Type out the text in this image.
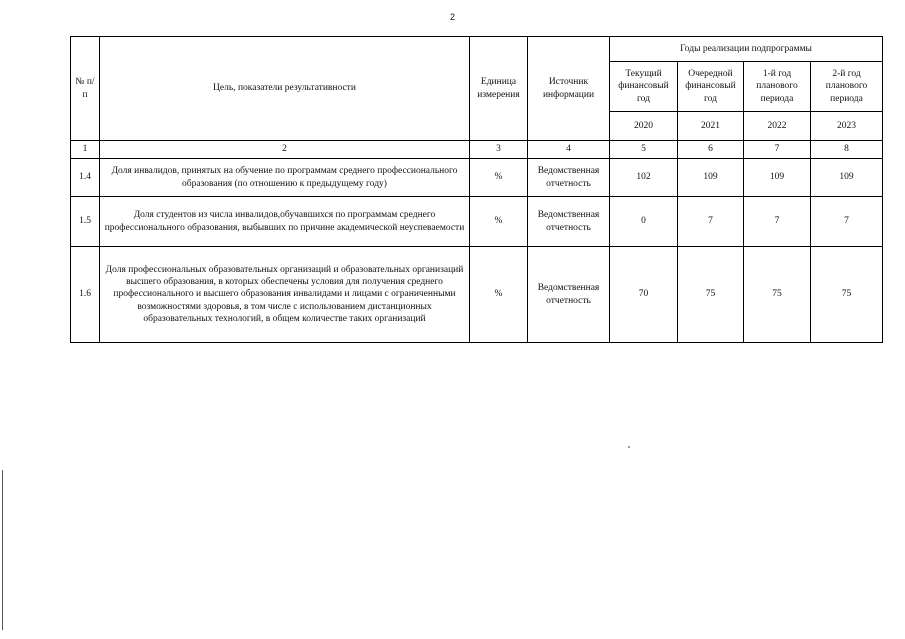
2
№ п/п	Цель, показатели результативности	Единица измерения	Источник информации	Годы реализации подпрограммы			
				Текущий финансовый год	Очередной финансовый год	1-й год планового периода	2-й год планового периода
				2020	2021	2022	2023
1	2	3	4	5	6	7	8
1.4	Доля инвалидов, принятых на обучение по программам среднего профессионального образования (по отношению к предыдущему году)	%	Ведомственная отчетность	102	109	109	109
1.5	Доля студентов из числа инвалидов,обучавшихся по программам среднего профессионального образования, выбывших по причине академической неуспеваемости	%	Ведомственная отчетность	0	7	7	7
1.6	Доля профессиональных образовательных организаций и образовательных организаций высшего образования, в которых обеспечены условия для получения среднего профессионального и высшего образования инвалидами и лицами с ограниченными возможностями здоровья, в том числе с использованием дистанционных образовательных технологий, в общем количестве таких организаций	%	Ведомственная отчетность	70	75	75	75
